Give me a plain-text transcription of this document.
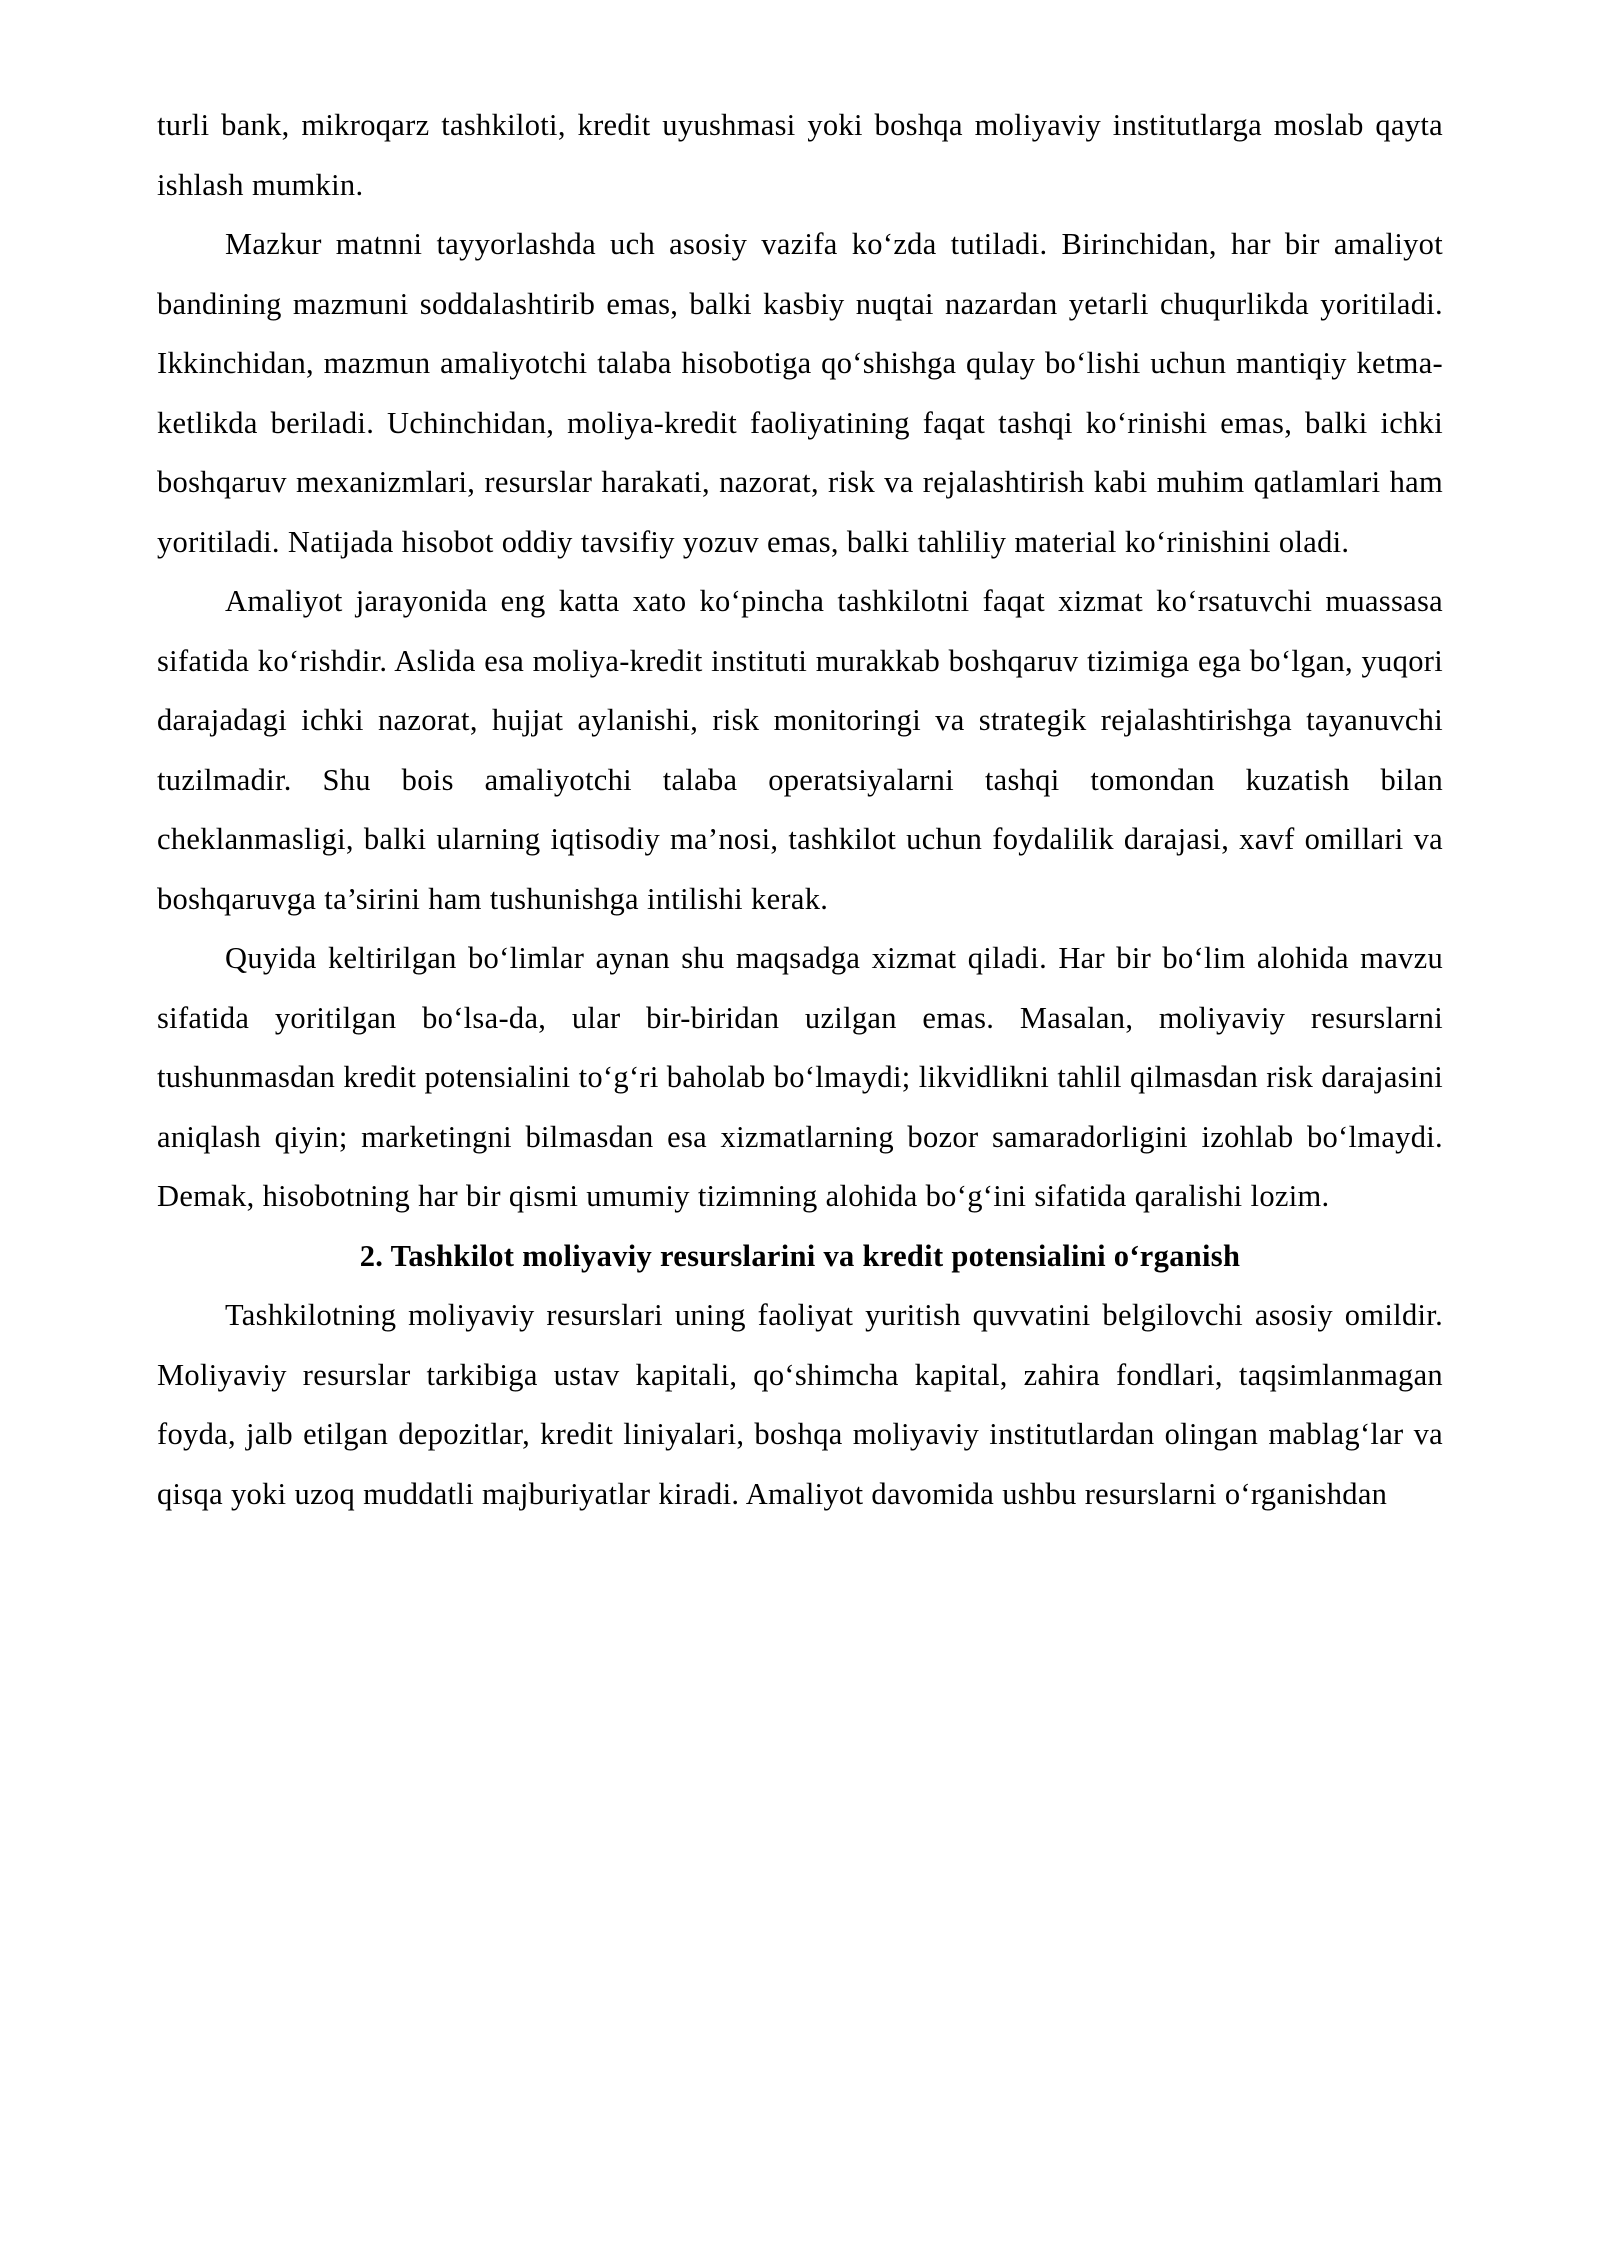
turli bank, mikroqarz tashkiloti, kredit uyushmasi yoki boshqa moliyaviy institutlarga moslab qayta ishlash mumkin.

Mazkur matnni tayyorlashda uch asosiy vazifa ko‘zda tutiladi. Birinchidan, har bir amaliyot bandining mazmuni soddalashtirib emas, balki kasbiy nuqtai nazardan yetarli chuqurlikda yoritiladi. Ikkinchidan, mazmun amaliyotchi talaba hisobotiga qo‘shishga qulay bo‘lishi uchun mantiqiy ketma-ketlikda beriladi. Uchinchidan, moliya-kredit faoliyatining faqat tashqi ko‘rinishi emas, balki ichki boshqaruv mexanizmlari, resurslar harakati, nazorat, risk va rejalashtirish kabi muhim qatlamlari ham yoritiladi. Natijada hisobot oddiy tavsifiy yozuv emas, balki tahliliy material ko‘rinishini oladi.

Amaliyot jarayonida eng katta xato ko‘pincha tashkilotni faqat xizmat ko‘rsatuvchi muassasa sifatida ko‘rishdir. Aslida esa moliya-kredit instituti murakkab boshqaruv tizimiga ega bo‘lgan, yuqori darajadagi ichki nazorat, hujjat aylanishi, risk monitoringi va strategik rejalashtirishga tayanuvchi tuzilmadir. Shu bois amaliyotchi talaba operatsiyalarni tashqi tomondan kuzatish bilan cheklanmasligi, balki ularning iqtisodiy ma’nosi, tashkilot uchun foydalilik darajasi, xavf omillari va boshqaruvga ta’sirini ham tushunishga intilishi kerak.

Quyida keltirilgan bo‘limlar aynan shu maqsadga xizmat qiladi. Har bir bo‘lim alohida mavzu sifatida yoritilgan bo‘lsa-da, ular bir-biridan uzilgan emas. Masalan, moliyaviy resurslarni tushunmasdan kredit potensialini to‘g‘ri baholab bo‘lmaydi; likvidlikni tahlil qilmasdan risk darajasini aniqlash qiyin; marketingni bilmasdan esa xizmatlarning bozor samaradorligini izohlab bo‘lmaydi. Demak, hisobotning har bir qismi umumiy tizimning alohida bo‘g‘ini sifatida qaralishi lozim.

2. Tashkilot moliyaviy resurslarini va kredit potensialini o‘rganish

Tashkilotning moliyaviy resurslari uning faoliyat yuritish quvvatini belgilovchi asosiy omildir. Moliyaviy resurslar tarkibiga ustav kapitali, qo‘shimcha kapital, zahira fondlari, taqsimlanmagan foyda, jalb etilgan depozitlar, kredit liniyalari, boshqa moliyaviy institutlardan olingan mablag‘lar va qisqa yoki uzoq muddatli majburiyatlar kiradi. Amaliyot davomida ushbu resurslarni o‘rganishdan
